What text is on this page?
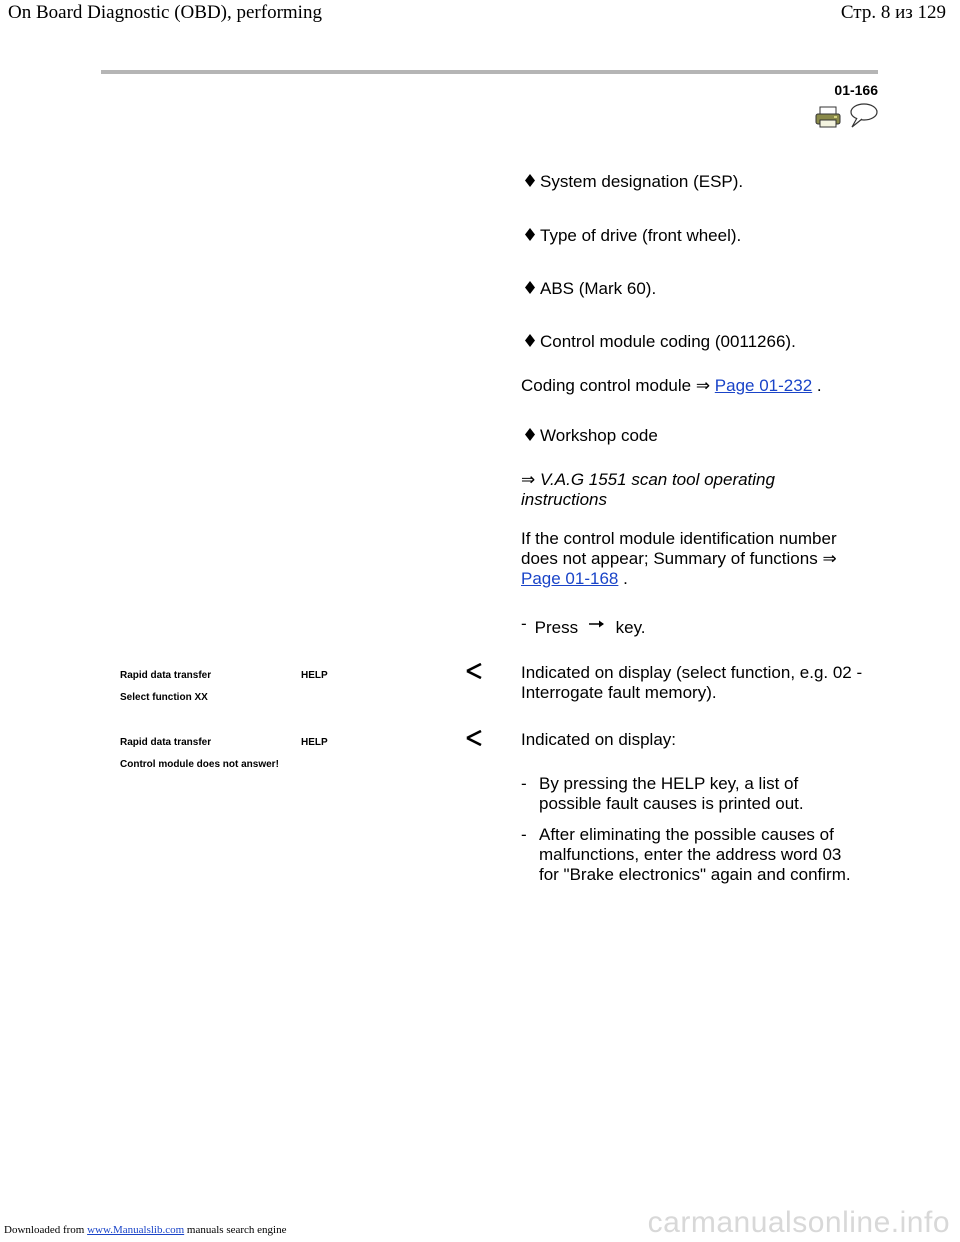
On Board Diagnostic (OBD), performing	Стр. 8 из 129
01-166
System designation (ESP).
Type of drive (front wheel).
ABS (Mark 60).
Control module coding (0011266).
Coding control module ⇒ Page 01-232 .
Workshop code
⇒ V.A.G 1551 scan tool operating instructions
If the control module identification number does not appear; Summary of functions ⇒ Page 01-168 .
- Press key.
Rapid data transfer	HELP
Select function XX
Indicated on display (select function, e.g. 02 - Interrogate fault memory).
Rapid data transfer	HELP
Control module does not answer!
Indicated on display:
- By pressing the HELP key, a list of possible fault causes is printed out.
- After eliminating the possible causes of malfunctions, enter the address word 03 for "Brake electronics" again and confirm.
Downloaded from www.Manualslib.com manuals search engine	carmanualsonline.info
